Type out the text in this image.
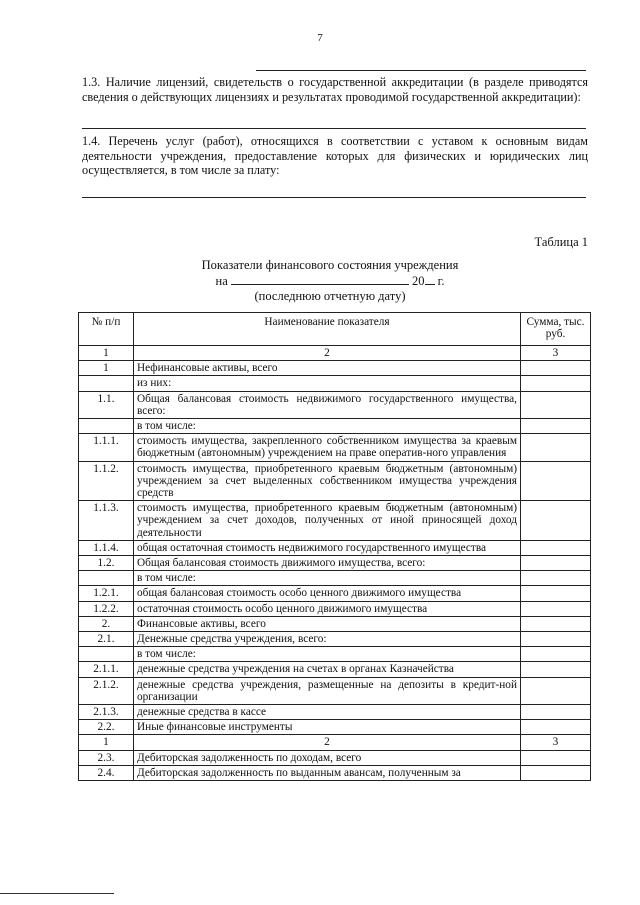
7
1.3. Наличие лицензий, свидетельств о государственной аккредитации (в разделе приводятся сведения о действующих лицензиях и результатах проводимой государственной аккредитации):
1.4. Перечень услуг (работ), относящихся в соответствии с уставом к основным видам деятельности учреждения, предоставление которых для физических и юридических лиц осуществляется, в том числе за плату:
Таблица 1
Показатели финансового состояния учреждения
на	20 г.
(последнюю отчетную дату)
№ п/п	Наименование показателя	Сумма, тыс. руб.
1	2	3
1	Нефинансовые активы, всего	
	из них:	
1.1.	Общая балансовая стоимость недвижимого государственного имущества, всего:	
	в том числе:	
1.1.1.	стоимость имущества, закрепленного собственником имущества за краевым бюджетным (автономным) учреждением на праве оператив-ного управления	
1.1.2.	стоимость имущества, приобретенного краевым бюджетным (автономным) учреждением за счет выделенных собственником имущества учреждения средств	
1.1.3.	стоимость имущества, приобретенного краевым бюджетным (автономным) учреждением за счет доходов, полученных от иной приносящей доход деятельности	
1.1.4.	общая остаточная стоимость недвижимого государственного имущества	
1.2.	Общая балансовая стоимость движимого имущества, всего:	
	в том числе:	
1.2.1.	общая балансовая стоимость особо ценного движимого имущества	
1.2.2.	остаточная стоимость особо ценного движимого имущества	
2.	Финансовые активы, всего	
2.1.	Денежные средства учреждения, всего:	
	в том числе:	
2.1.1.	денежные средства учреждения на счетах в органах Казначейства	
2.1.2.	денежные средства учреждения, размещенные на депозиты в кредит-ной организации	
2.1.3.	денежные средства в кассе	
2.2.	Иные финансовые инструменты	
1	2	3
2.3.	Дебиторская задолженность по доходам, всего	
2.4.	Дебиторская задолженность по выданным авансам, полученным за	
